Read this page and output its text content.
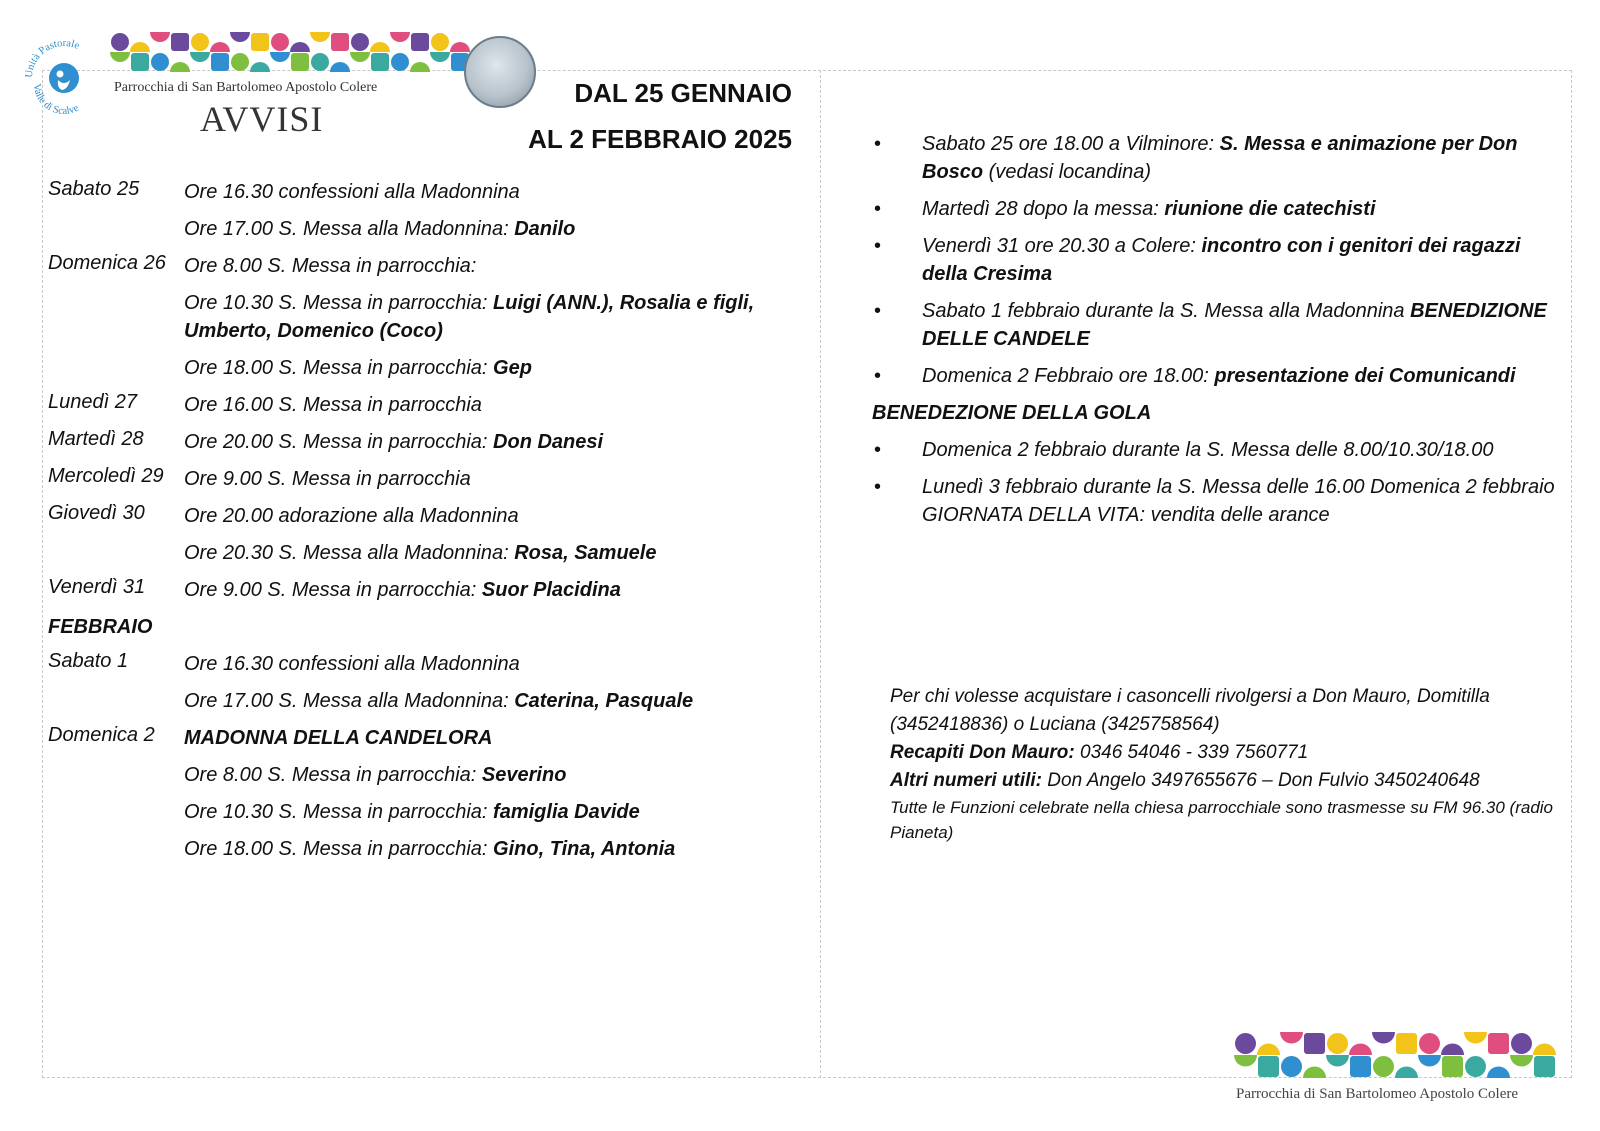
Unità Pastorale
Valle di Scalve
Parrocchia di San Bartolomeo Apostolo Colere
AVVISI
DAL 25 GENNAIO
AL 2 FEBBRAIO 2025
Sabato 25 Ore 16.30 confessioni alla Madonnina
Ore 17.00 S. Messa alla Madonnina: Danilo
Domenica 26 Ore 8.00 S. Messa in parrocchia:
Ore 10.30 S. Messa in parrocchia: Luigi (ANN.), Rosalia e figli, Umberto, Domenico (Coco)
Ore 18.00 S. Messa in parrocchia: Gep
Lunedì 27 Ore 16.00 S. Messa in parrocchia
Martedì 28 Ore 20.00 S. Messa in parrocchia: Don Danesi
Mercoledì 29 Ore 9.00 S. Messa in parrocchia
Giovedì 30 Ore 20.00 adorazione alla Madonnina
Ore 20.30 S. Messa alla Madonnina: Rosa, Samuele
Venerdì 31 Ore 9.00 S. Messa in parrocchia: Suor Placidina
FEBBRAIO
Sabato 1	Ore 16.30 confessioni alla Madonnina
Ore 17.00 S. Messa alla Madonnina: Caterina, Pasquale
Domenica 2 MADONNA DELLA CANDELORA
Ore 8.00 S. Messa in parrocchia: Severino
Ore 10.30 S. Messa in parrocchia: famiglia Davide
Ore 18.00 S. Messa in parrocchia: Gino, Tina, Antonia
• Sabato 25 ore 18.00 a Vilminore: S. Messa e animazione per Don Bosco (vedasi locandina)
• Martedì 28 dopo la messa: riunione die catechisti
• Venerdì 31 ore 20.30 a Colere: incontro con i genitori dei ragazzi della Cresima
• Sabato 1 febbraio durante la S. Messa alla Madonnina BENEDIZIONE DELLE CANDELE
• Domenica 2 Febbraio ore 18.00: presentazione dei Comunicandi
BENEDEZIONE DELLA GOLA
• Domenica 2 febbraio durante la S. Messa delle 8.00/10.30/18.00
• Lunedì 3 febbraio durante la S. Messa delle 16.00 Domenica 2 febbraio GIORNATA DELLA VITA: vendita delle arance

Per chi volesse acquistare i casoncelli rivolgersi a Don Mauro, Domitilla (3452418836) o Luciana (3425758564)

Recapiti Don Mauro: 0346 54046 - 339 7560771

Altri numeri utili: Don Angelo 3497655676 – Don Fulvio 3450240648

Tutte le Funzioni celebrate nella chiesa parrocchiale sono trasmesse su FM 96.30 (radio Pianeta)

Parrocchia di San Bartolomeo Apostolo Colere
